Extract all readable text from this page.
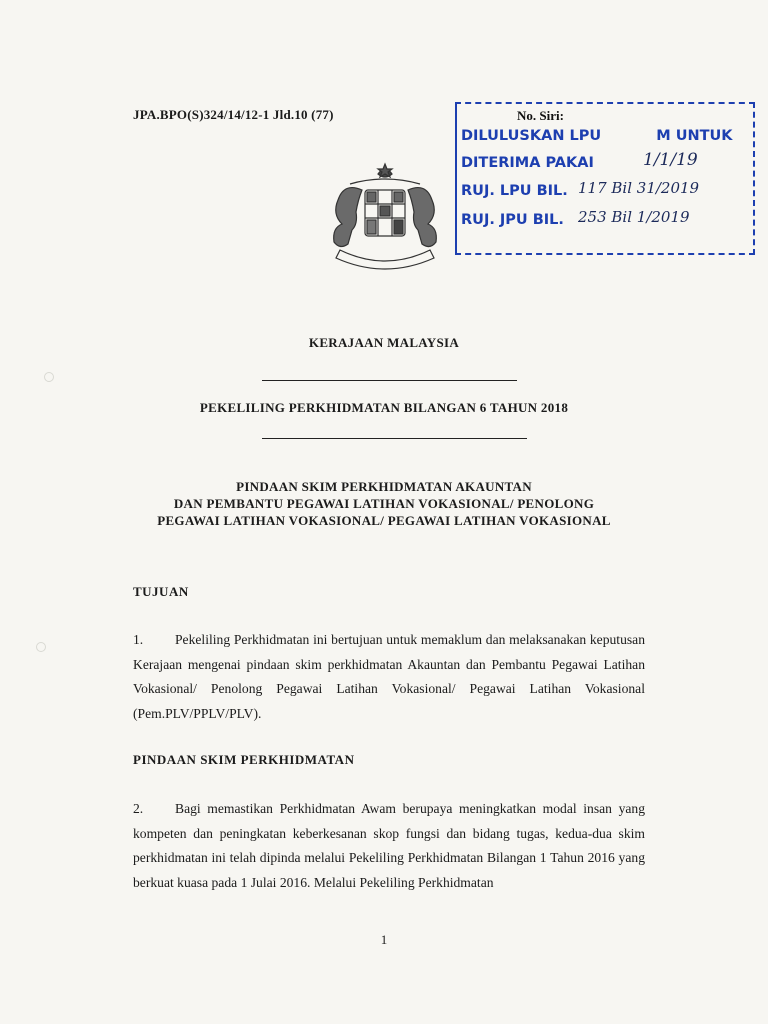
JPA.BPO(S)324/14/12-1 Jld.10 (77)	No. Siri:
DILULUSKAN LPU	M UNTUK
DITERIMA PAKAI
RUJ. LPU BIL.
RUJ. JPU BIL.
1/1/19
117 Bil 31/2019
253 Bil 1/2019
KERAJAAN MALAYSIA
PEKELILING PERKHIDMATAN BILANGAN 6 TAHUN 2018
PINDAAN SKIM PERKHIDMATAN AKAUNTAN
DAN PEMBANTU PEGAWAI LATIHAN VOKASIONAL/ PENOLONG
PEGAWAI LATIHAN VOKASIONAL/ PEGAWAI LATIHAN VOKASIONAL
TUJUAN
1. Pekeliling Perkhidmatan ini bertujuan untuk memaklum dan melaksanakan keputusan Kerajaan mengenai pindaan skim perkhidmatan Akauntan dan Pembantu Pegawai Latihan Vokasional/ Penolong Pegawai Latihan Vokasional/ Pegawai Latihan Vokasional (Pem.PLV/PPLV/PLV).
PINDAAN SKIM PERKHIDMATAN
2. Bagi memastikan Perkhidmatan Awam berupaya meningkatkan modal insan yang kompeten dan peningkatan keberkesanan skop fungsi dan bidang tugas, kedua-dua skim perkhidmatan ini telah dipinda melalui Pekeliling Perkhidmatan Bilangan 1 Tahun 2016 yang berkuat kuasa pada 1 Julai 2016. Melalui Pekeliling Perkhidmatan
1
